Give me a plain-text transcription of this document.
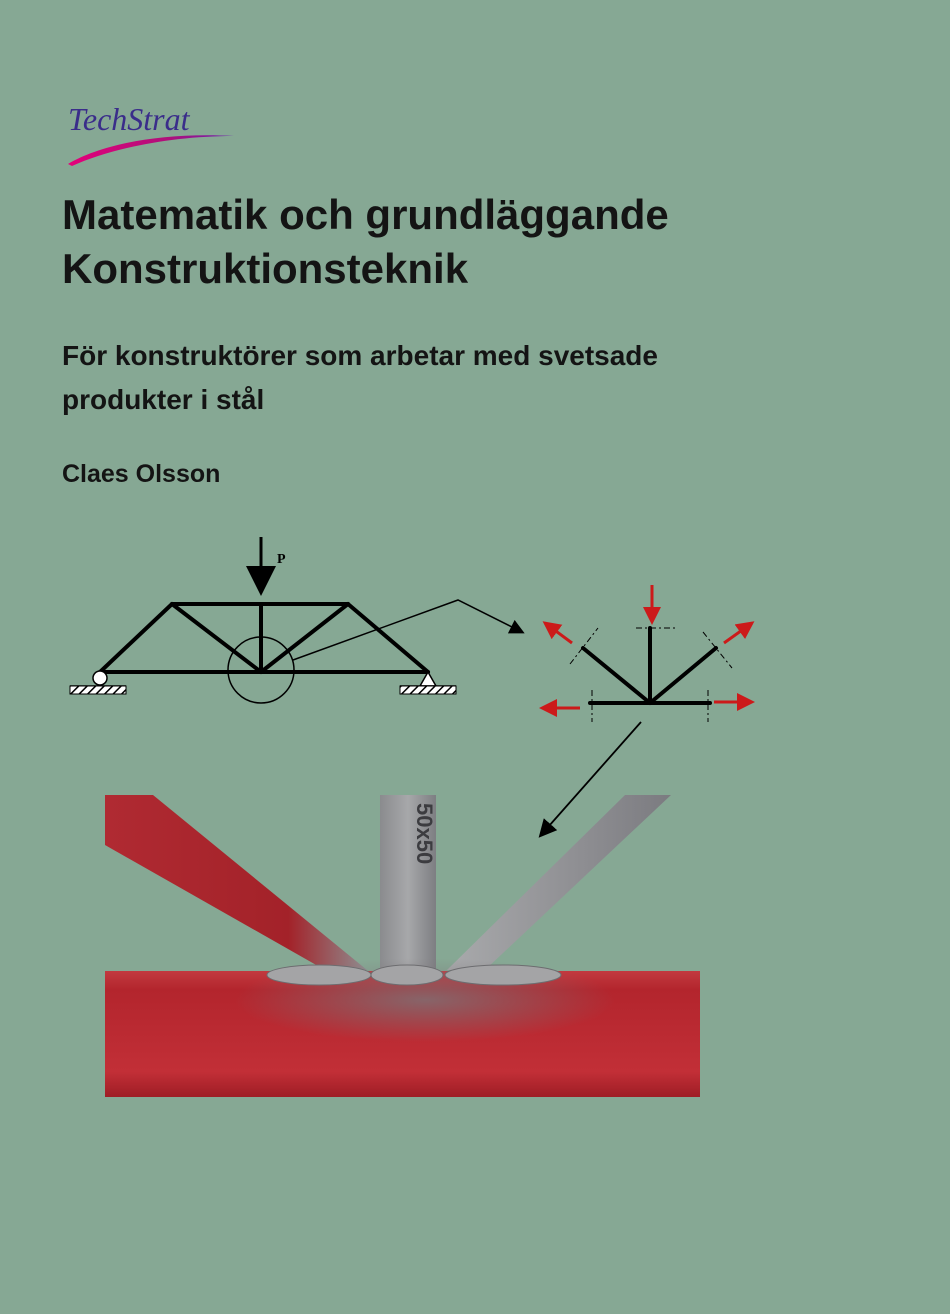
TechStrat
Matematik och grundläggande
Konstruktionsteknik
För konstruktörer som arbetar med svetsade
produkter i stål
Claes Olsson
P
50x50
